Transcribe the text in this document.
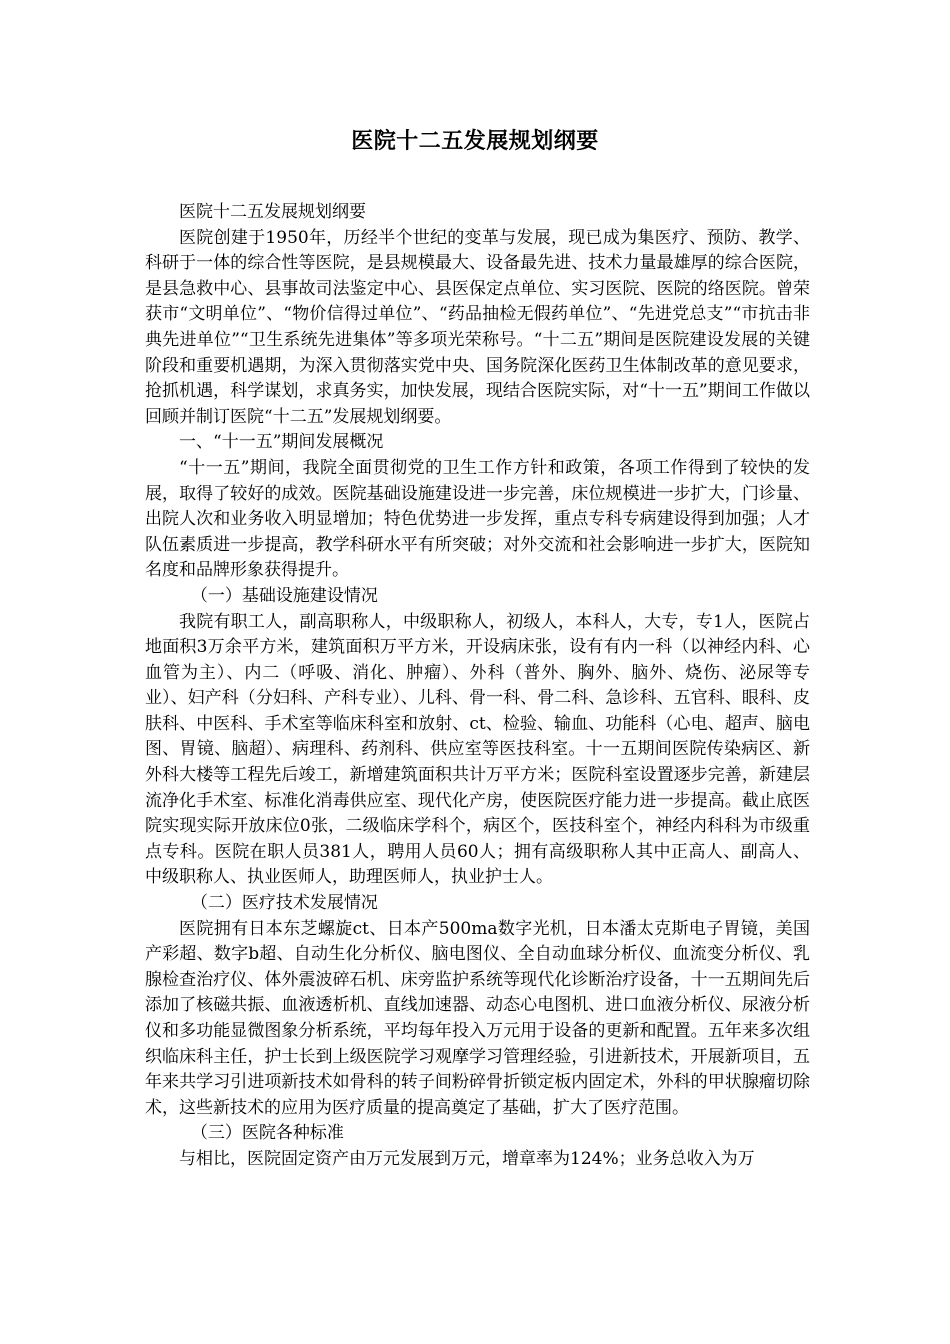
医院十二五发展规划纲要

医院十二五发展规划纲要

医院创建于1950年，历经半个世纪的变革与发展，现已成为集医疗、预防、教学、科研于一体的综合性等医院，是县规模最大、设备最先进、技术力量最雄厚的综合医院，是县急救中心、县事故司法鉴定中心、县医保定点单位、实习医院、医院的络医院。曾荣获市“文明单位”、“物价信得过单位”、“药品抽检无假药单位”、“先进党总支”“市抗击非典先进单位”“卫生系统先进集体”等多项光荣称号。“十二五”期间是医院建设发展的关键阶段和重要机遇期，为深入贯彻落实党中央、国务院深化医药卫生体制改革的意见要求，抢抓机遇，科学谋划，求真务实，加快发展，现结合医院实际，对“十一五”期间工作做以回顾并制订医院“十二五”发展规划纲要。

一、“十一五”期间发展概况

“十一五”期间，我院全面贯彻党的卫生工作方针和政策，各项工作得到了较快的发展，取得了较好的成效。医院基础设施建设进一步完善，床位规模进一步扩大，门诊量、出院人次和业务收入明显增加；特色优势进一步发挥，重点专科专病建设得到加强；人才队伍素质进一步提高，教学科研水平有所突破；对外交流和社会影响进一步扩大，医院知名度和品牌形象获得提升。

（一）基础设施建设情况

我院有职工人，副高职称人，中级职称人，初级人，本科人，大专，专1人，医院占地面积3万余平方米，建筑面积万平方米，开设病床张，设有有内一科（以神经内科、心血管为主）、内二（呼吸、消化、肿瘤）、外科（普外、胸外、脑外、烧伤、泌尿等专业）、妇产科（分妇科、产科专业）、儿科、骨一科、骨二科、急诊科、五官科、眼科、皮肤科、中医科、手术室等临床科室和放射、ct、检验、输血、功能科（心电、超声、脑电图、胃镜、脑超）、病理科、药剂科、供应室等医技科室。十一五期间医院传染病区、新外科大楼等工程先后竣工，新增建筑面积共计万平方米；医院科室设置逐步完善，新建层流净化手术室、标准化消毒供应室、现代化产房，使医院医疗能力进一步提高。截止底医院实现实际开放床位0张，二级临床学科个，病区个，医技科室个，神经内科科为市级重点专科。医院在职人员381人，聘用人员60人；拥有高级职称人其中正高人、副高人、中级职称人、执业医师人，助理医师人，执业护士人。

（二）医疗技术发展情况

医院拥有日本东芝螺旋ct、日本产500ma数字光机，日本潘太克斯电子胃镜，美国产彩超、数字b超、自动生化分析仪、脑电图仪、全自动血球分析仪、血流变分析仪、乳腺检查治疗仪、体外震波碎石机、床旁监护系统等现代化诊断治疗设备，十一五期间先后添加了核磁共振、血液透析机、直线加速器、动态心电图机、进口血液分析仪、尿液分析仪和多功能显微图象分析系统，平均每年投入万元用于设备的更新和配置。五年来多次组织临床科主任，护士长到上级医院学习观摩学习管理经验，引进新技术，开展新项目，五年来共学习引进项新技术如骨科的转子间粉碎骨折锁定板内固定术，外科的甲状腺瘤切除术，这些新技术的应用为医疗质量的提高奠定了基础，扩大了医疗范围。

（三）医院各种标准

与相比，医院固定资产由万元发展到万元，增章率为124%；业务总收入为万
